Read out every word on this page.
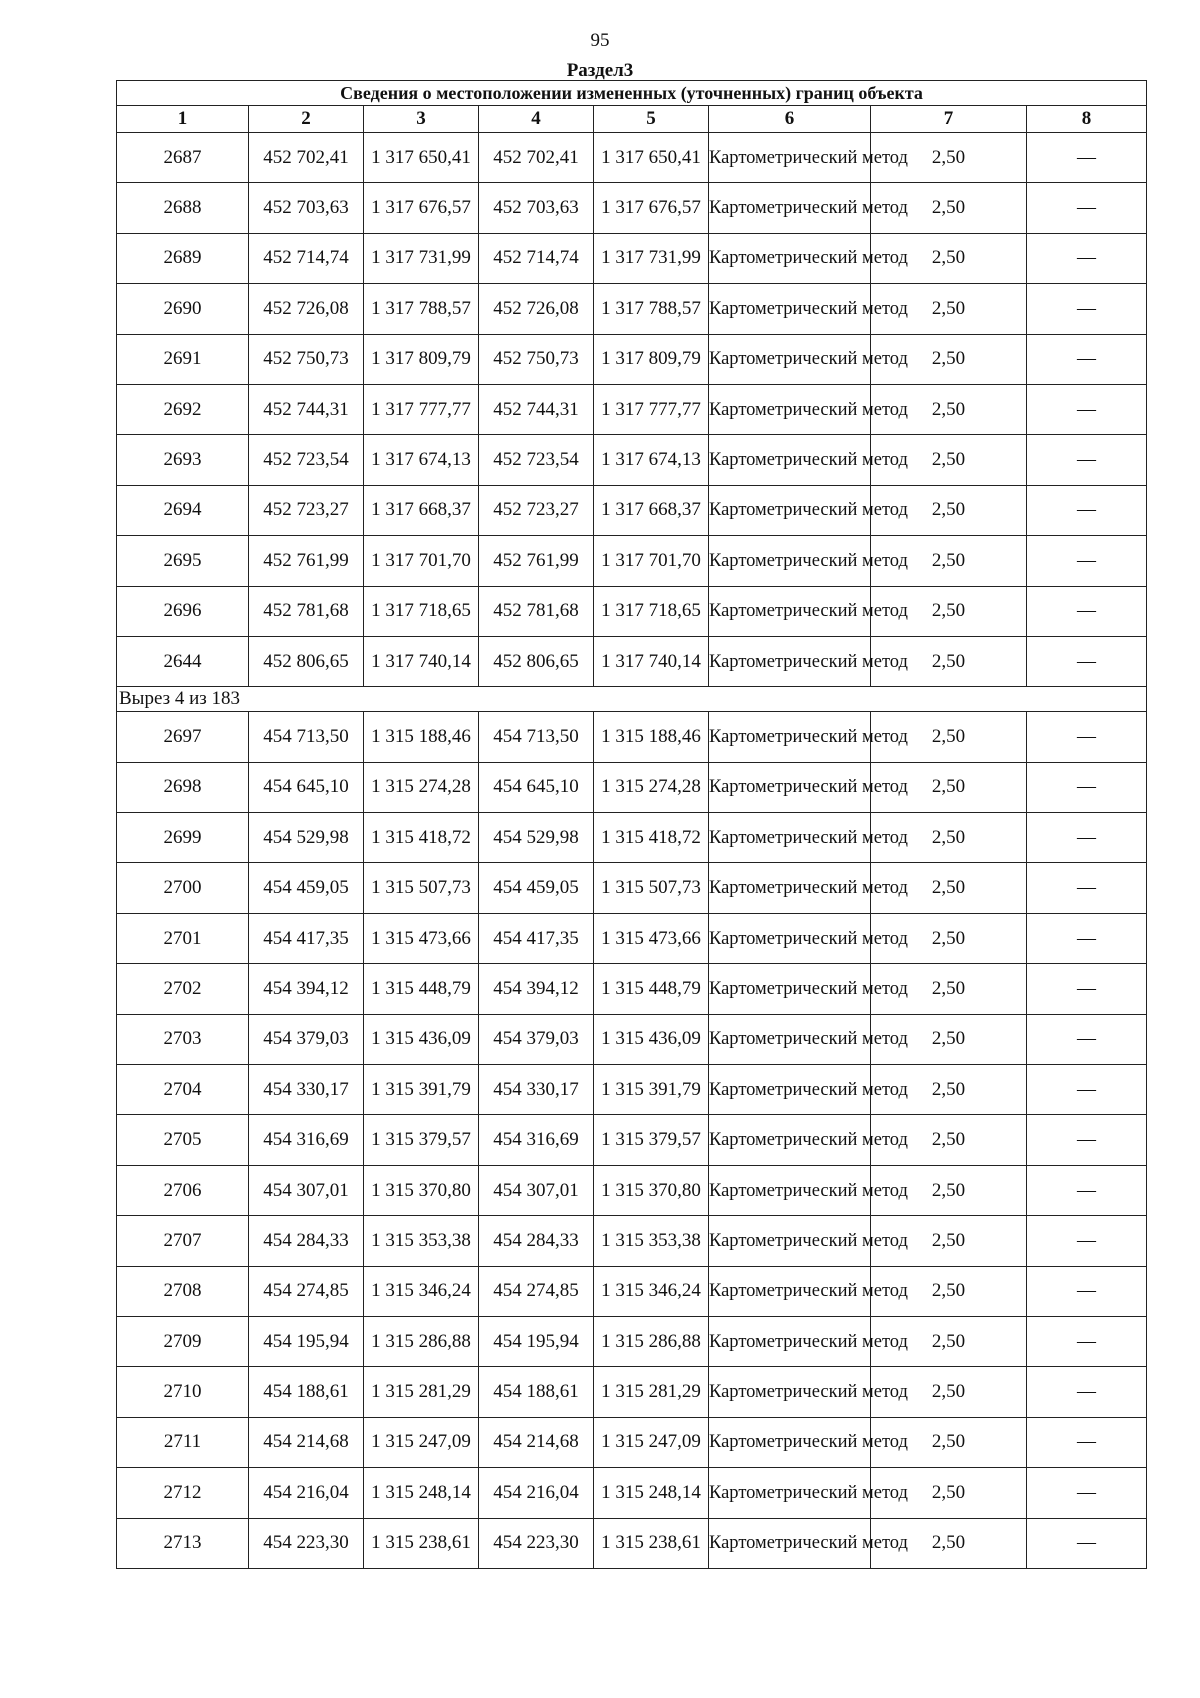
95
Раздел3
Сведения о местоположении измененных (уточненных) границ объекта							
1	2	3	4	5	6	7	8
2687	452 702,41	1 317 650,41	452 702,41	1 317 650,41	Картометрический метод	2,50	—
2688	452 703,63	1 317 676,57	452 703,63	1 317 676,57	Картометрический метод	2,50	—
2689	452 714,74	1 317 731,99	452 714,74	1 317 731,99	Картометрический метод	2,50	—
2690	452 726,08	1 317 788,57	452 726,08	1 317 788,57	Картометрический метод	2,50	—
2691	452 750,73	1 317 809,79	452 750,73	1 317 809,79	Картометрический метод	2,50	—
2692	452 744,31	1 317 777,77	452 744,31	1 317 777,77	Картометрический метод	2,50	—
2693	452 723,54	1 317 674,13	452 723,54	1 317 674,13	Картометрический метод	2,50	—
2694	452 723,27	1 317 668,37	452 723,27	1 317 668,37	Картометрический метод	2,50	—
2695	452 761,99	1 317 701,70	452 761,99	1 317 701,70	Картометрический метод	2,50	—
2696	452 781,68	1 317 718,65	452 781,68	1 317 718,65	Картометрический метод	2,50	—
2644	452 806,65	1 317 740,14	452 806,65	1 317 740,14	Картометрический метод	2,50	—
Вырез 4 из 183							
2697	454 713,50	1 315 188,46	454 713,50	1 315 188,46	Картометрический метод	2,50	—
2698	454 645,10	1 315 274,28	454 645,10	1 315 274,28	Картометрический метод	2,50	—
2699	454 529,98	1 315 418,72	454 529,98	1 315 418,72	Картометрический метод	2,50	—
2700	454 459,05	1 315 507,73	454 459,05	1 315 507,73	Картометрический метод	2,50	—
2701	454 417,35	1 315 473,66	454 417,35	1 315 473,66	Картометрический метод	2,50	—
2702	454 394,12	1 315 448,79	454 394,12	1 315 448,79	Картометрический метод	2,50	—
2703	454 379,03	1 315 436,09	454 379,03	1 315 436,09	Картометрический метод	2,50	—
2704	454 330,17	1 315 391,79	454 330,17	1 315 391,79	Картометрический метод	2,50	—
2705	454 316,69	1 315 379,57	454 316,69	1 315 379,57	Картометрический метод	2,50	—
2706	454 307,01	1 315 370,80	454 307,01	1 315 370,80	Картометрический метод	2,50	—
2707	454 284,33	1 315 353,38	454 284,33	1 315 353,38	Картометрический метод	2,50	—
2708	454 274,85	1 315 346,24	454 274,85	1 315 346,24	Картометрический метод	2,50	—
2709	454 195,94	1 315 286,88	454 195,94	1 315 286,88	Картометрический метод	2,50	—
2710	454 188,61	1 315 281,29	454 188,61	1 315 281,29	Картометрический метод	2,50	—
2711	454 214,68	1 315 247,09	454 214,68	1 315 247,09	Картометрический метод	2,50	—
2712	454 216,04	1 315 248,14	454 216,04	1 315 248,14	Картометрический метод	2,50	—
2713	454 223,30	1 315 238,61	454 223,30	1 315 238,61	Картометрический метод	2,50	—
